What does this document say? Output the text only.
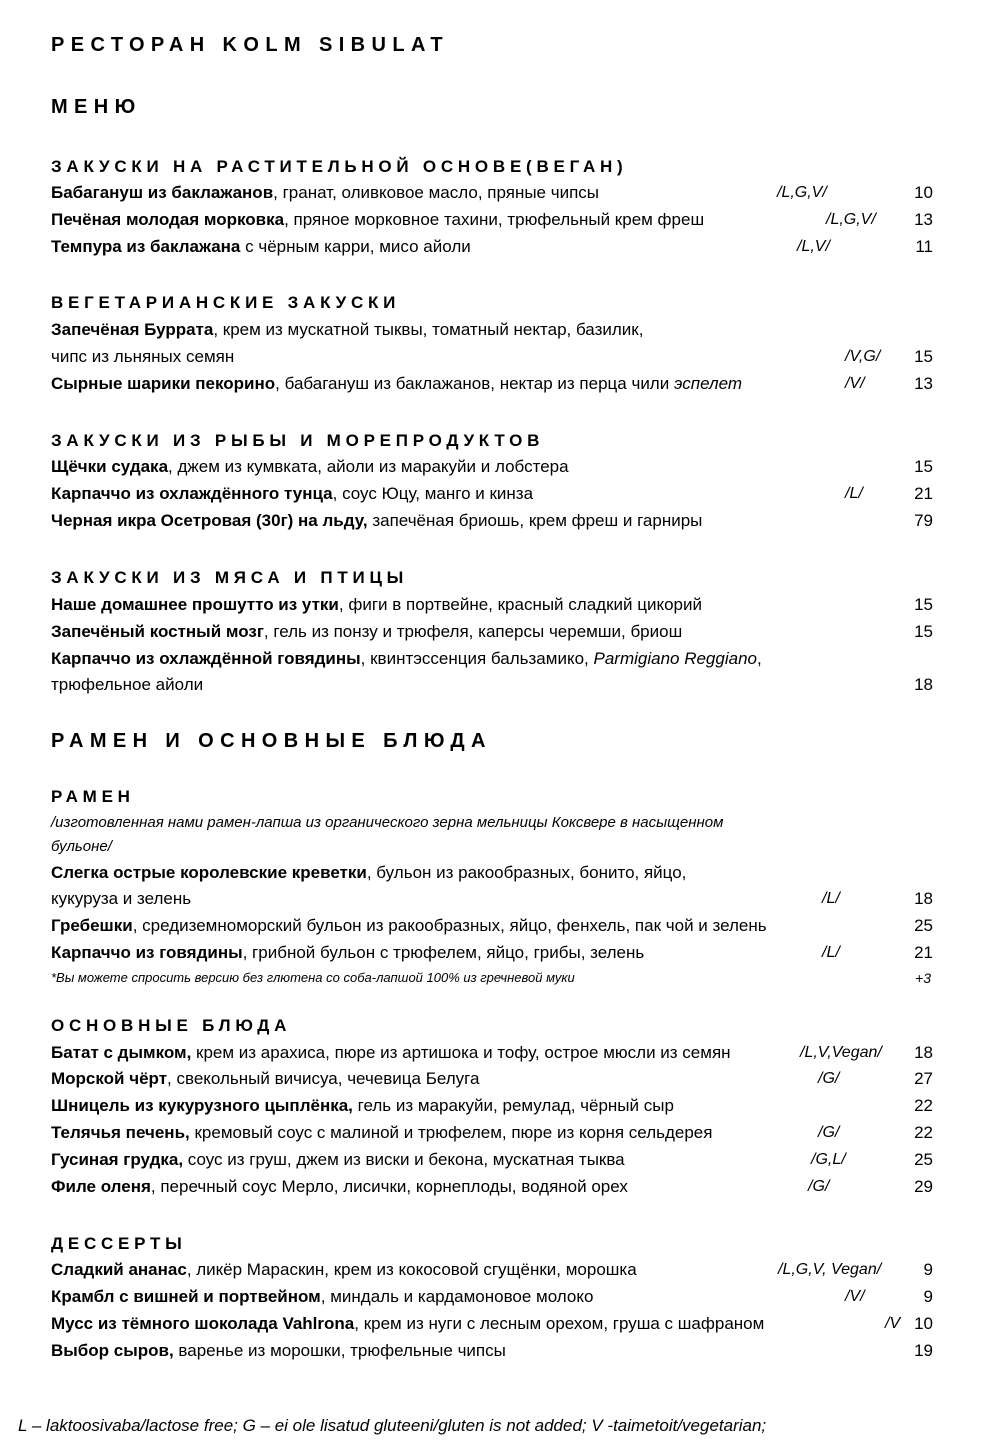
РЕСТОРАН KOLM SIBULAT
МЕНЮ
ЗАКУСКИ НА РАСТИТЕЛЬНОЙ ОСНОВЕ(ВЕГАН)
Бабагануш из баклажанов, гранат, оливковое масло, пряные чипсы	/L,G,V/	10
Печёная молодая морковка, пряное морковное тахини, трюфельный крем фреш	/L,G,V/ 13
Темпура из баклажана с чёрным карри, мисо айоли	/L,V/	11
ВЕГЕТАРИАНСКИЕ ЗАКУСКИ
Запечёная Буррата, крем из мускатной тыквы, томатный нектар, базилик,
чипс из льняных семян	/V,G/ 15
Сырные шарики пекорино, бабагануш из баклажанов, нектар из перца чили эспелет	/V/	13
ЗАКУСКИ ИЗ РЫБЫ И МОРЕПРОДУКТОВ
Щёчки судака, джем из кумвката, айоли из маракуйи и лобстера	15
Карпаччо из охлаждённого тунца, соус Юцу, манго и кинза	/L/	21
Черная икра Осетровая (30г) на льду, запечёная бриошь, крем фреш и гарниры	79
ЗАКУСКИ ИЗ МЯСА И ПТИЦЫ
Наше домашнее прошутто из утки, фиги в портвейне, красный сладкий цикорий	15
Запечёный костный мозг, гель из понзу и трюфеля, каперсы черемши, бриош	15
Карпаччо из охлаждённой говядины, квинтэссенция бальзамико, Parmigiano Reggiano,
трюфельное айоли	18
РАМЕН И ОСНОВНЫЕ БЛЮДА
РАМЕН
/изготовленная нами рамен-лапша из органического зерна мельницы Коксвере в насыщенном
бульоне/
Слегка острые королевские креветки, бульон из ракообразных, бонито, яйцо,
кукуруза и зелень	/L/	18
Гребешки, средиземноморский бульон из ракообразных, яйцо, фенхель, пак чой и зелень	25
Карпаччо из говядины, грибной бульон с трюфелем, яйцо, грибы, зелень	/L/	21
*Вы можете спросить версию без глютена со соба-лапшой 100% из гречневой муки	+3
ОСНОВНЫЕ БЛЮДА
Батат с дымком, крем из арахиса, пюре из артишока и тофу, острое мюсли из семян	/L,V,Vegan/ 18
Морской чёрт, свекольный вичисуа, чечевица Белуга	/G/	27
Шницель из кукурузного цыплёнка, гель из маракуйи, ремулад, чёрный сыр	22
Телячья печень, кремовый соус с малиной и трюфелем, пюре из корня сельдерея	/G/	22
Гусиная грудка, соус из груш, джем из виски и бекона, мускатная тыква	/G,L/	25
Филе оленя, перечный соус Мерло, лисички, корнеплоды, водяной орех	/G/	29
ДЕССЕРТЫ
Сладкий ананас, ликёр Мараскин, крем из кокосовой сгущёнки, морошка	/L,G,V, Vegan/ 9
Крамбл с вишней и портвейном, миндаль и кардамоновое молоко	/V/	9
Мусс из тёмного шоколада Vahlrona, крем из нуги с лесным орехом, груша с шафраном	/V 10
Выбор сыров, варенье из морошки, трюфельные чипсы	19
L – laktoosivaba/lactose free; G – ei ole lisatud gluteeni/gluten is not added; V -taimetoit/vegetarian;
